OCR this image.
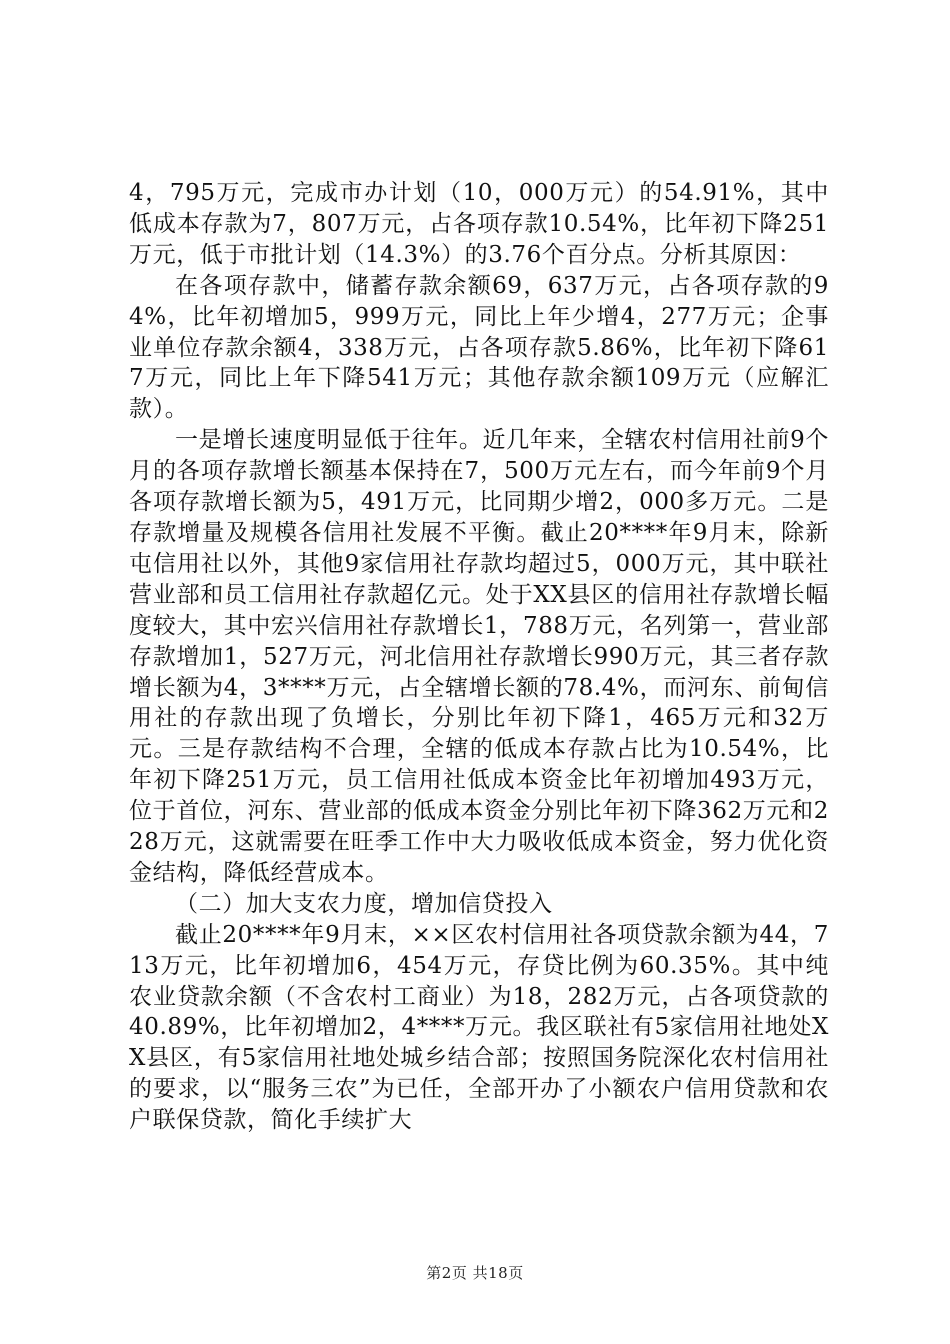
4，795万元，完成市办计划（10，000万元）的54.91%，其中低成本存款为7，807万元，占各项存款10.54%，比年初下降251万元，低于市批计划（14.3%）的3.76个百分点。分析其原因：

在各项存款中，储蓄存款余额69，637万元，占各项存款的94%，比年初增加5，999万元，同比上年少增4，277万元；企事业单位存款余额4，338万元，占各项存款5.86%，比年初下降617万元，同比上年下降541万元；其他存款余额109万元（应解汇款）。

一是增长速度明显低于往年。近几年来，全辖农村信用社前9个月的各项存款增长额基本保持在7，500万元左右，而今年前9个月各项存款增长额为5，491万元，比同期少增2，000多万元。二是存款增量及规模各信用社发展不平衡。截止20****年9月末，除新屯信用社以外，其他9家信用社存款均超过5，000万元，其中联社营业部和员工信用社存款超亿元。处于XX县区的信用社存款增长幅度较大，其中宏兴信用社存款增长1，788万元，名列第一，营业部存款增加1，527万元，河北信用社存款增长990万元，其三者存款增长额为4，3****万元，占全辖增长额的78.4%，而河东、前甸信用社的存款出现了负增长，分别比年初下降1，465万元和32万元。三是存款结构不合理，全辖的低成本存款占比为10.54%，比年初下降251万元，员工信用社低成本资金比年初增加493万元，位于首位，河东、营业部的低成本资金分别比年初下降362万元和228万元，这就需要在旺季工作中大力吸收低成本资金，努力优化资金结构，降低经营成本。

（二）加大支农力度，增加信贷投入

截止20****年9月末，××区农村信用社各项贷款余额为44，713万元，比年初增加6，454万元，存贷比例为60.35%。其中纯农业贷款余额（不含农村工商业）为18，282万元，占各项贷款的40.89%，比年初增加2，4****万元。我区联社有5家信用社地处XX县区，有5家信用社地处城乡结合部；按照国务院深化农村信用社的要求，以“服务三农”为已任，全部开办了小额农户信用贷款和农户联保贷款，简化手续扩大

第2页 共18页
